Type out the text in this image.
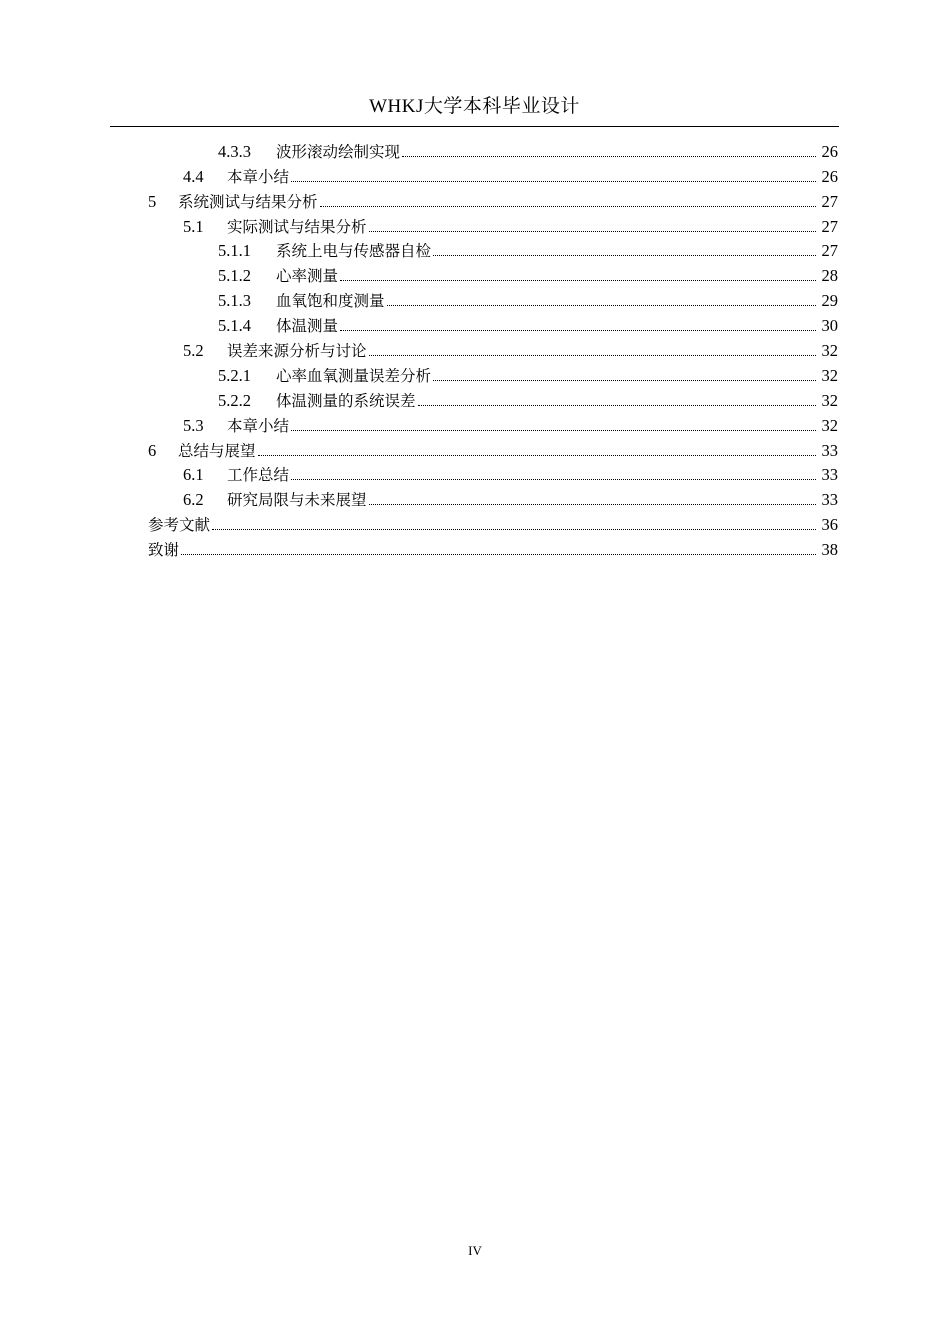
WHKJ大学本科毕业设计
4.3.3	波形滚动绘制实现	26
4.4	本章小结	26
5	系统测试与结果分析	27
5.1	实际测试与结果分析	27
5.1.1	系统上电与传感器自检	27
5.1.2	心率测量	28
5.1.3	血氧饱和度测量	29
5.1.4	体温测量	30
5.2	误差来源分析与讨论	32
5.2.1	心率血氧测量误差分析	32
5.2.2	体温测量的系统误差	32
5.3	本章小结	32
6	总结与展望	33
6.1	工作总结	33
6.2	研究局限与未来展望	33
参考文献	36
致谢	38
IV
